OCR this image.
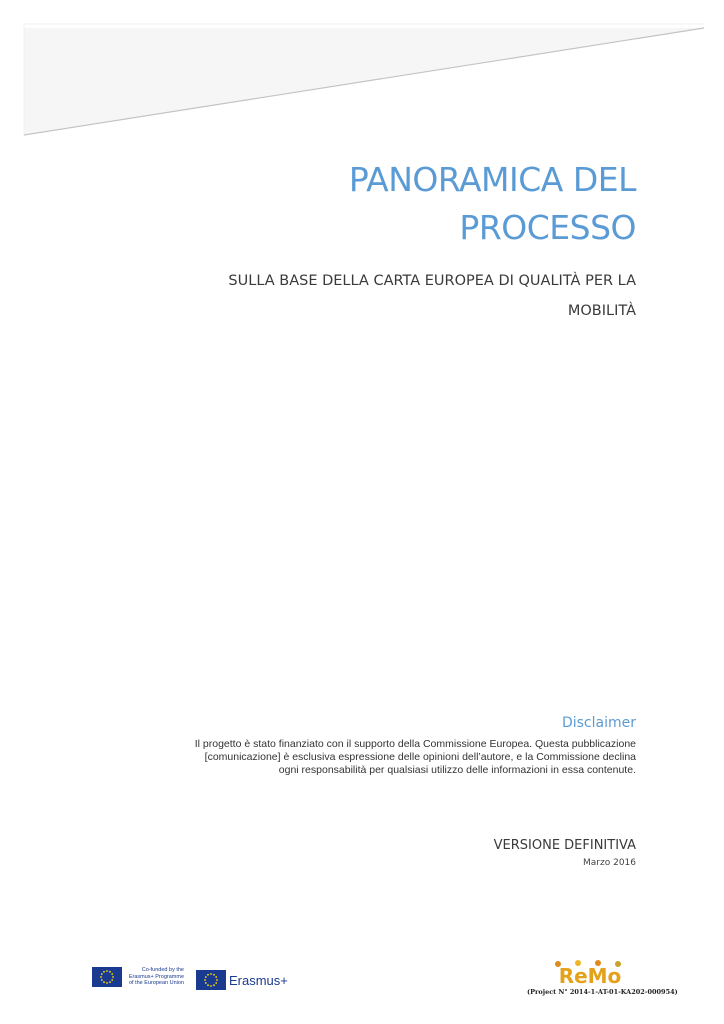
PANORAMICA DEL
PROCESSO
SULLA BASE DELLA CARTA EUROPEA DI QUALITÀ PER LA
MOBILITÀ
Disclaimer
Il progetto è stato finanziato con il supporto della Commissione Europea. Questa pubblicazione
[comunicazione] è esclusiva espressione delle opinioni dell’autore, e la Commissione declina
ogni responsabilità per qualsiasi utilizzo delle informazioni in essa contenute.
VERSIONE DEFINITIVA
Marzo 2016
Co-funded by the
Erasmus+ Programme
of the European Union	Erasmus+	ReMo
(Project N° 2014-1-AT-01-KA202-000954)
